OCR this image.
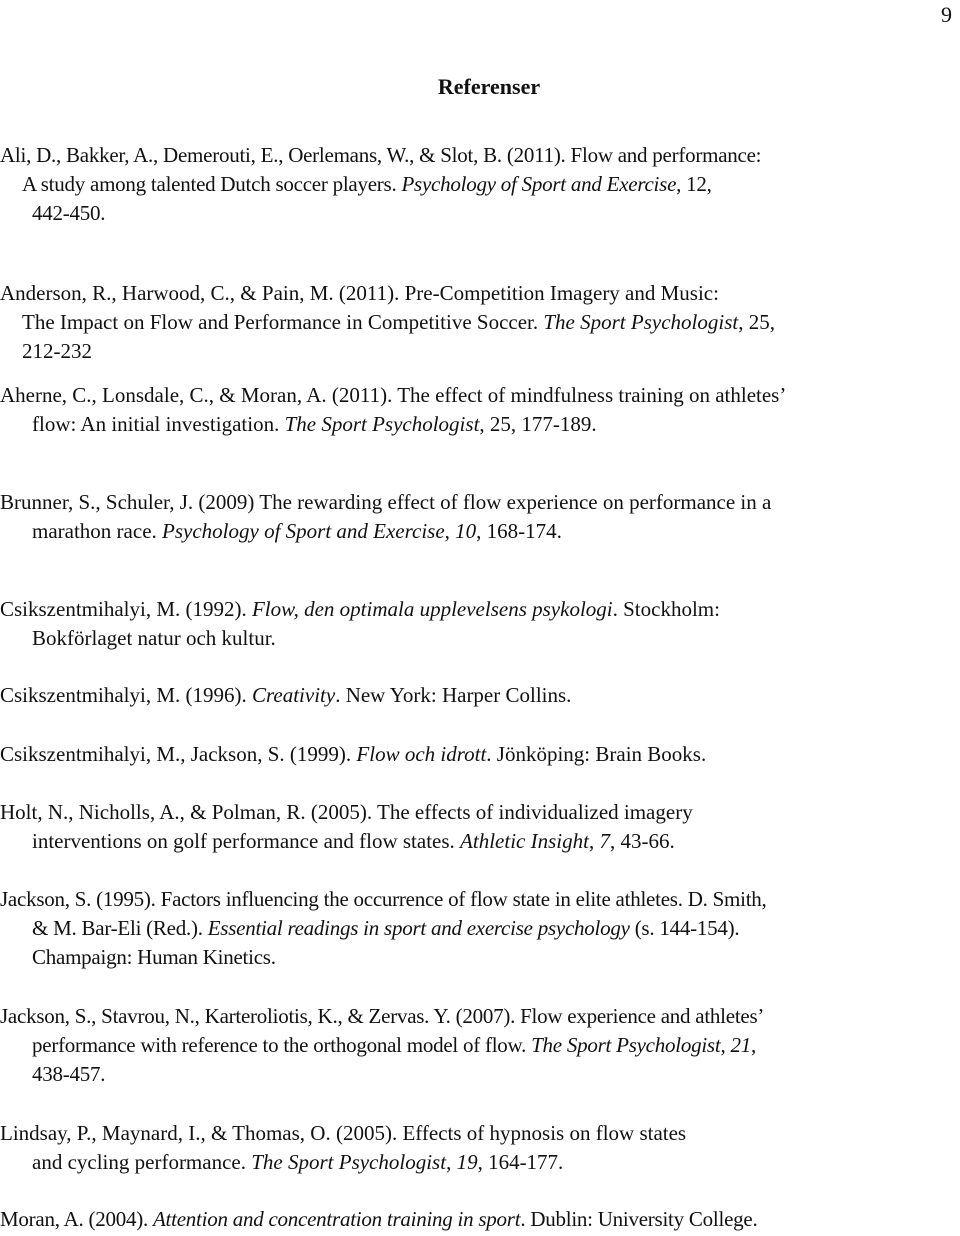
9
Referenser
Ali, D., Bakker, A., Demerouti, E., Oerlemans, W., & Slot, B. (2011). Flow and performance:
A study among talented Dutch soccer players. Psychology of Sport and Exercise, 12,
442-450.
Anderson, R., Harwood, C., & Pain, M. (2011). Pre-Competition Imagery and Music:
The Impact on Flow and Performance in Competitive Soccer. The Sport Psychologist, 25,
212-232
Aherne, C., Lonsdale, C., & Moran, A. (2011). The effect of mindfulness training on athletes’
flow: An initial investigation. The Sport Psychologist, 25, 177-189.
Brunner, S., Schuler, J. (2009) The rewarding effect of flow experience on performance in a
marathon race. Psychology of Sport and Exercise, 10, 168-174.
Csikszentmihalyi, M. (1992). Flow, den optimala upplevelsens psykologi. Stockholm:
Bokförlaget natur och kultur.
Csikszentmihalyi, M. (1996). Creativity. New York: Harper Collins.
Csikszentmihalyi, M., Jackson, S. (1999). Flow och idrott. Jönköping: Brain Books.
Holt, N., Nicholls, A., & Polman, R. (2005). The effects of individualized imagery
interventions on golf performance and flow states. Athletic Insight, 7, 43-66.
Jackson, S. (1995). Factors influencing the occurrence of flow state in elite athletes. D. Smith,
& M. Bar-Eli (Red.). Essential readings in sport and exercise psychology (s. 144-154).
Champaign: Human Kinetics.
Jackson, S., Stavrou, N., Karteroliotis, K., & Zervas. Y. (2007). Flow experience and athletes’
performance with reference to the orthogonal model of flow. The Sport Psychologist, 21,
438-457.
Lindsay, P., Maynard, I., & Thomas, O. (2005). Effects of hypnosis on flow states
and cycling performance. The Sport Psychologist, 19, 164-177.
Moran, A. (2004). Attention and concentration training in sport. Dublin: University College.
